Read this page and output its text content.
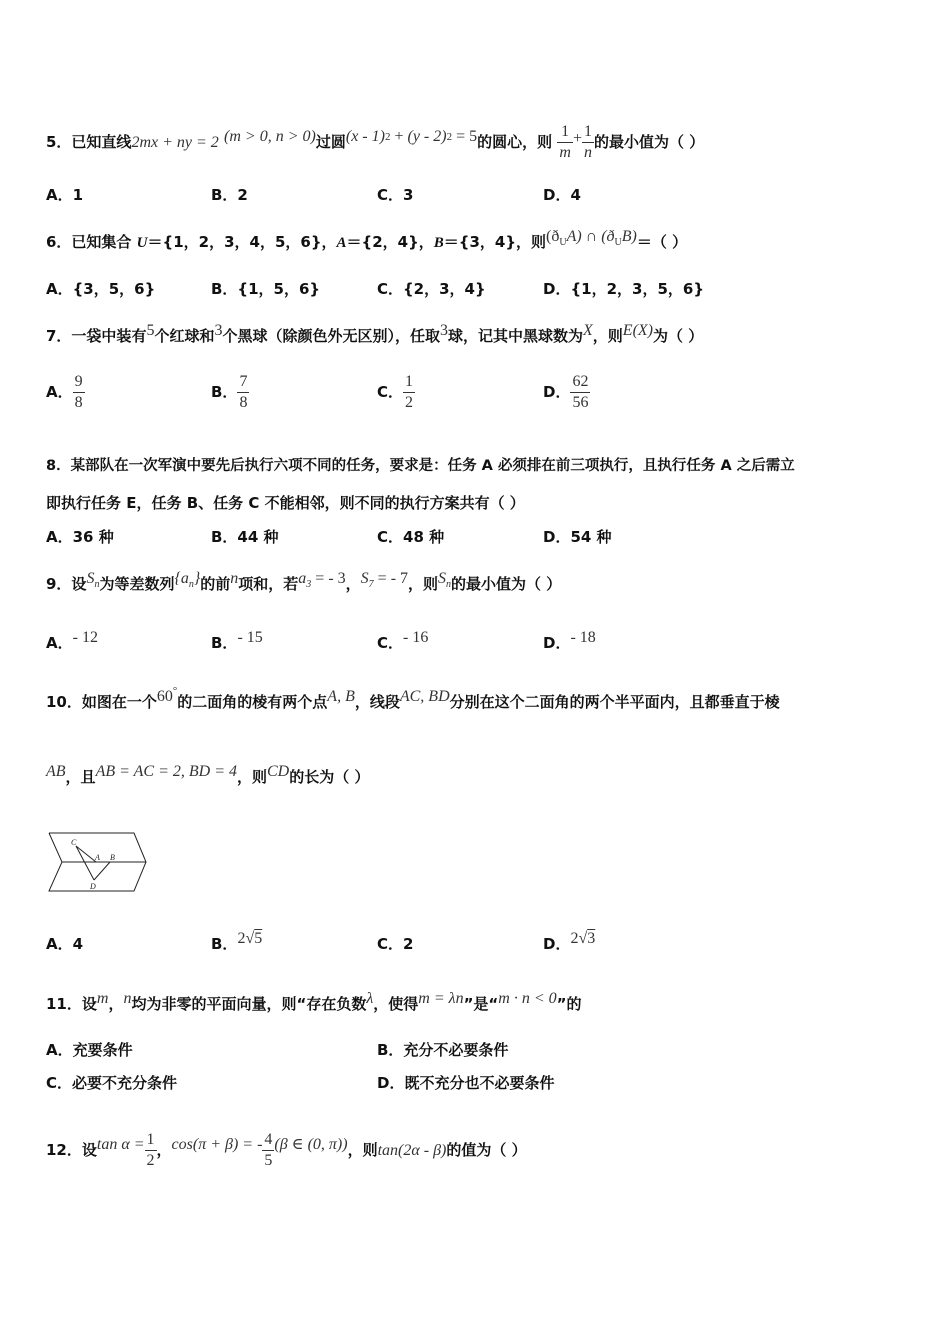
5．已知直线2mx + ny = 2 (m > 0, n > 0)过圆(x - 1)$^2$ + (y - 2)$^2$ = 5的圆心，则 $\frac{1}{m} + \frac{1}{n}$ 的最小值为（ ）
A．1	B．2	C．3	D．4
6．已知集合 U＝{1，2，3，4，5，6}，A＝{2，4}，B＝{3，4}，则$(ð_UA)$ ∩ $(ð_UB)=$（ ）
A．{3，5，6}	B．{1，5，6}	C．{2，3，4}	D．{1，2，3，5，6}
7．一袋中装有5个红球和3个黑球（除颜色外无区别），任取3球，记其中黑球数为X，则E(X)为（ ）
A． $\frac{9}{8}$	B． $\frac{7}{8}$	C． $\frac{1}{2}$	D． $\frac{62}{56}$
8．某部队在一次军演中要先后执行六项不同的任务，要求是：任务 A 必须排在前三项执行，且执行任务 A 之后需立
即执行任务 E，任务 B、任务 C 不能相邻，则不同的执行方案共有（ ）
A．36 种	B．44 种	C．48 种	D．54 种
9．设$S_n$为等差数列$\{a_n\}$的前n项和，若$a_3$ = - 3，$S_7$ = - 7，则$S_n$的最小值为（ ）
A．- 12	B．- 15	C．- 16	D．- 18
10．如图在一个60°的二面角的棱有两个点A, B，线段AC, BD分别在这个二面角的两个半平面内，且都垂直于棱
AB，且AB = AC = 2, BD = 4，则CD的长为（ ）
C
A B
D
A．4	B．2√5	C．2	D．2√3
11．设m，n均为非零的平面向量，则“存在负数λ，使得m = λn”是“m · n < 0”的
A．充要条件	B．充分不必要条件
C．必要不充分条件	D．既不充分也不必要条件
12．设$\tan \alpha = \frac{1}{2}$ ，cos(π + β) = - $\frac{4}{5} (\beta$ ∈ (0, π))，则tan(2α - β)的值为（ ）
